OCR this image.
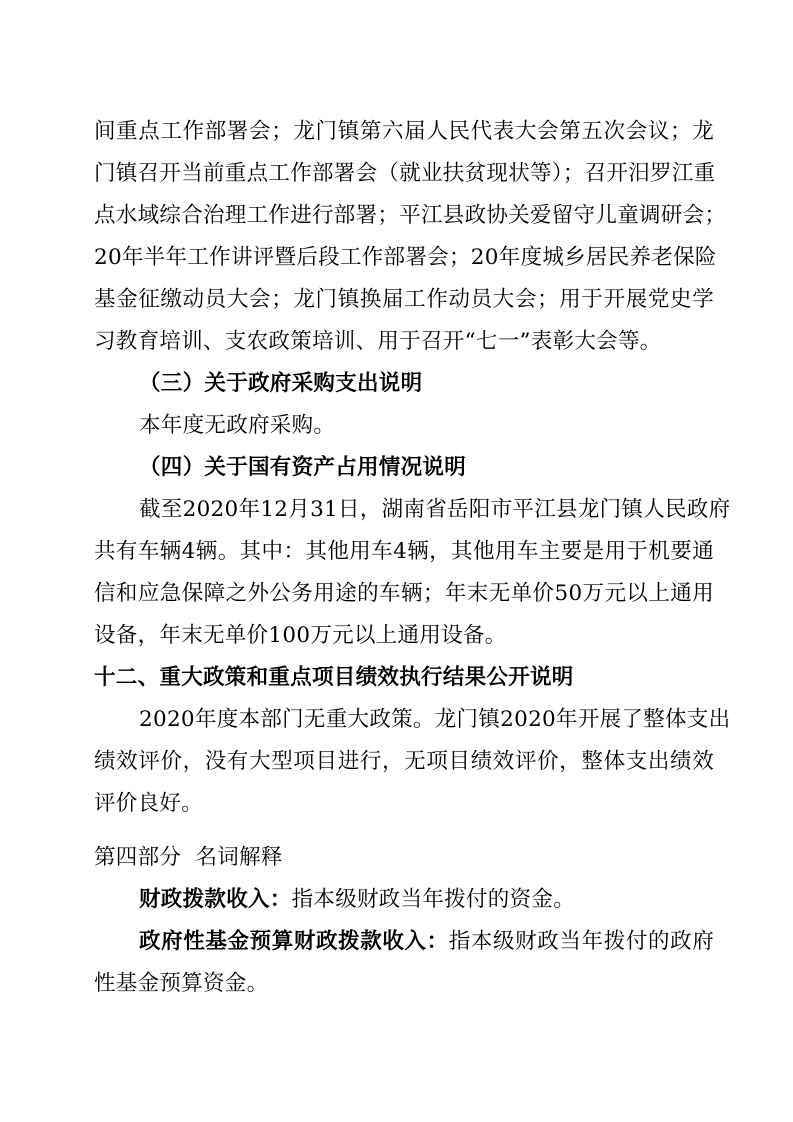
间重点工作部署会；龙门镇第六届人民代表大会第五次会议；龙
门镇召开当前重点工作部署会（就业扶贫现状等）；召开汨罗江重
点水域综合治理工作进行部署；平江县政协关爱留守儿童调研会；
20年半年工作讲评暨后段工作部署会；20年度城乡居民养老保险
基金征缴动员大会；龙门镇换届工作动员大会；用于开展党史学
习教育培训、支农政策培训、用于召开“七一”表彰大会等。
（三）关于政府采购支出说明
本年度无政府采购。
（四）关于国有资产占用情况说明
截至2020年12月31日，湖南省岳阳市平江县龙门镇人民政府
共有车辆4辆。其中：其他用车4辆，其他用车主要是用于机要通
信和应急保障之外公务用途的车辆；年末无单价50万元以上通用
设备，年末无单价100万元以上通用设备。
十二、重大政策和重点项目绩效执行结果公开说明
2020年度本部门无重大政策。龙门镇2020年开展了整体支出
绩效评价，没有大型项目进行，无项目绩效评价，整体支出绩效
评价良好。
第四部分  名词解释
财政拨款收入：指本级财政当年拨付的资金。
政府性基金预算财政拨款收入：指本级财政当年拨付的政府
性基金预算资金。
